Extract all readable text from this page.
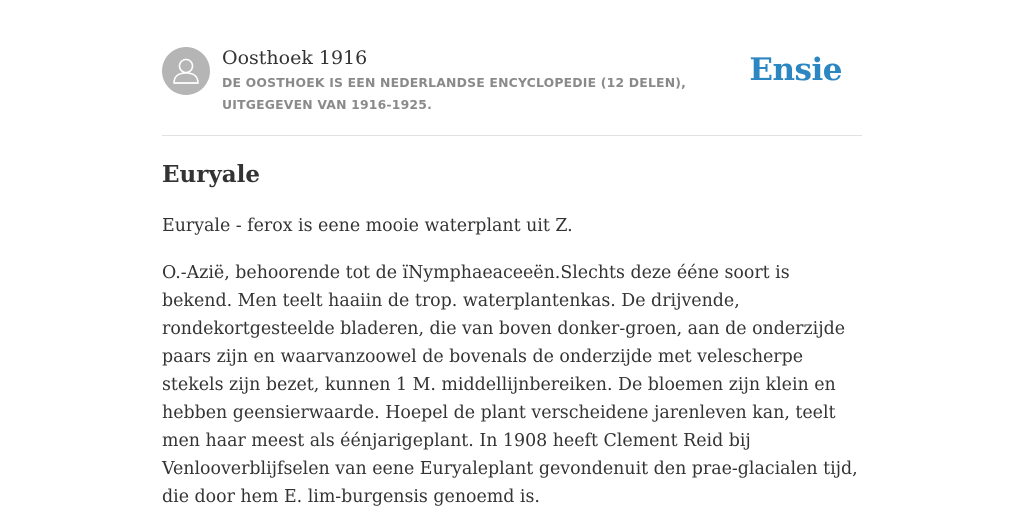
Oosthoek 1916
DE OOSTHOEK IS EEN NEDERLANDSE ENCYCLOPEDIE (12 DELEN), UITGEGEVEN VAN 1916-1925.
Ensie
Euryale

Euryale - ferox is eene mooie waterplant uit Z.

O.-Azië, behoorende tot de ïNymphaeaceeën.Slechts deze ééne soort is bekend. Men teelt haaiin de trop. waterplantenkas. De drijvende, rondekortgesteelde bladeren, die van boven donker-groen, aan de onderzijde paars zijn en waarvanzoowel de bovenals de onderzijde met velescherpe stekels zijn bezet, kunnen 1 M. middellijnbereiken. De bloemen zijn klein en hebben geensierwaarde. Hoepel de plant verscheidene jarenleven kan, teelt men haar meest als éénjarigeplant. In 1908 heeft Clement Reid bij Venlooverblijfselen van eene Euryaleplant gevondenuit den prae-glacialen tijd, die door hem E. lim-burgensis genoemd is.
